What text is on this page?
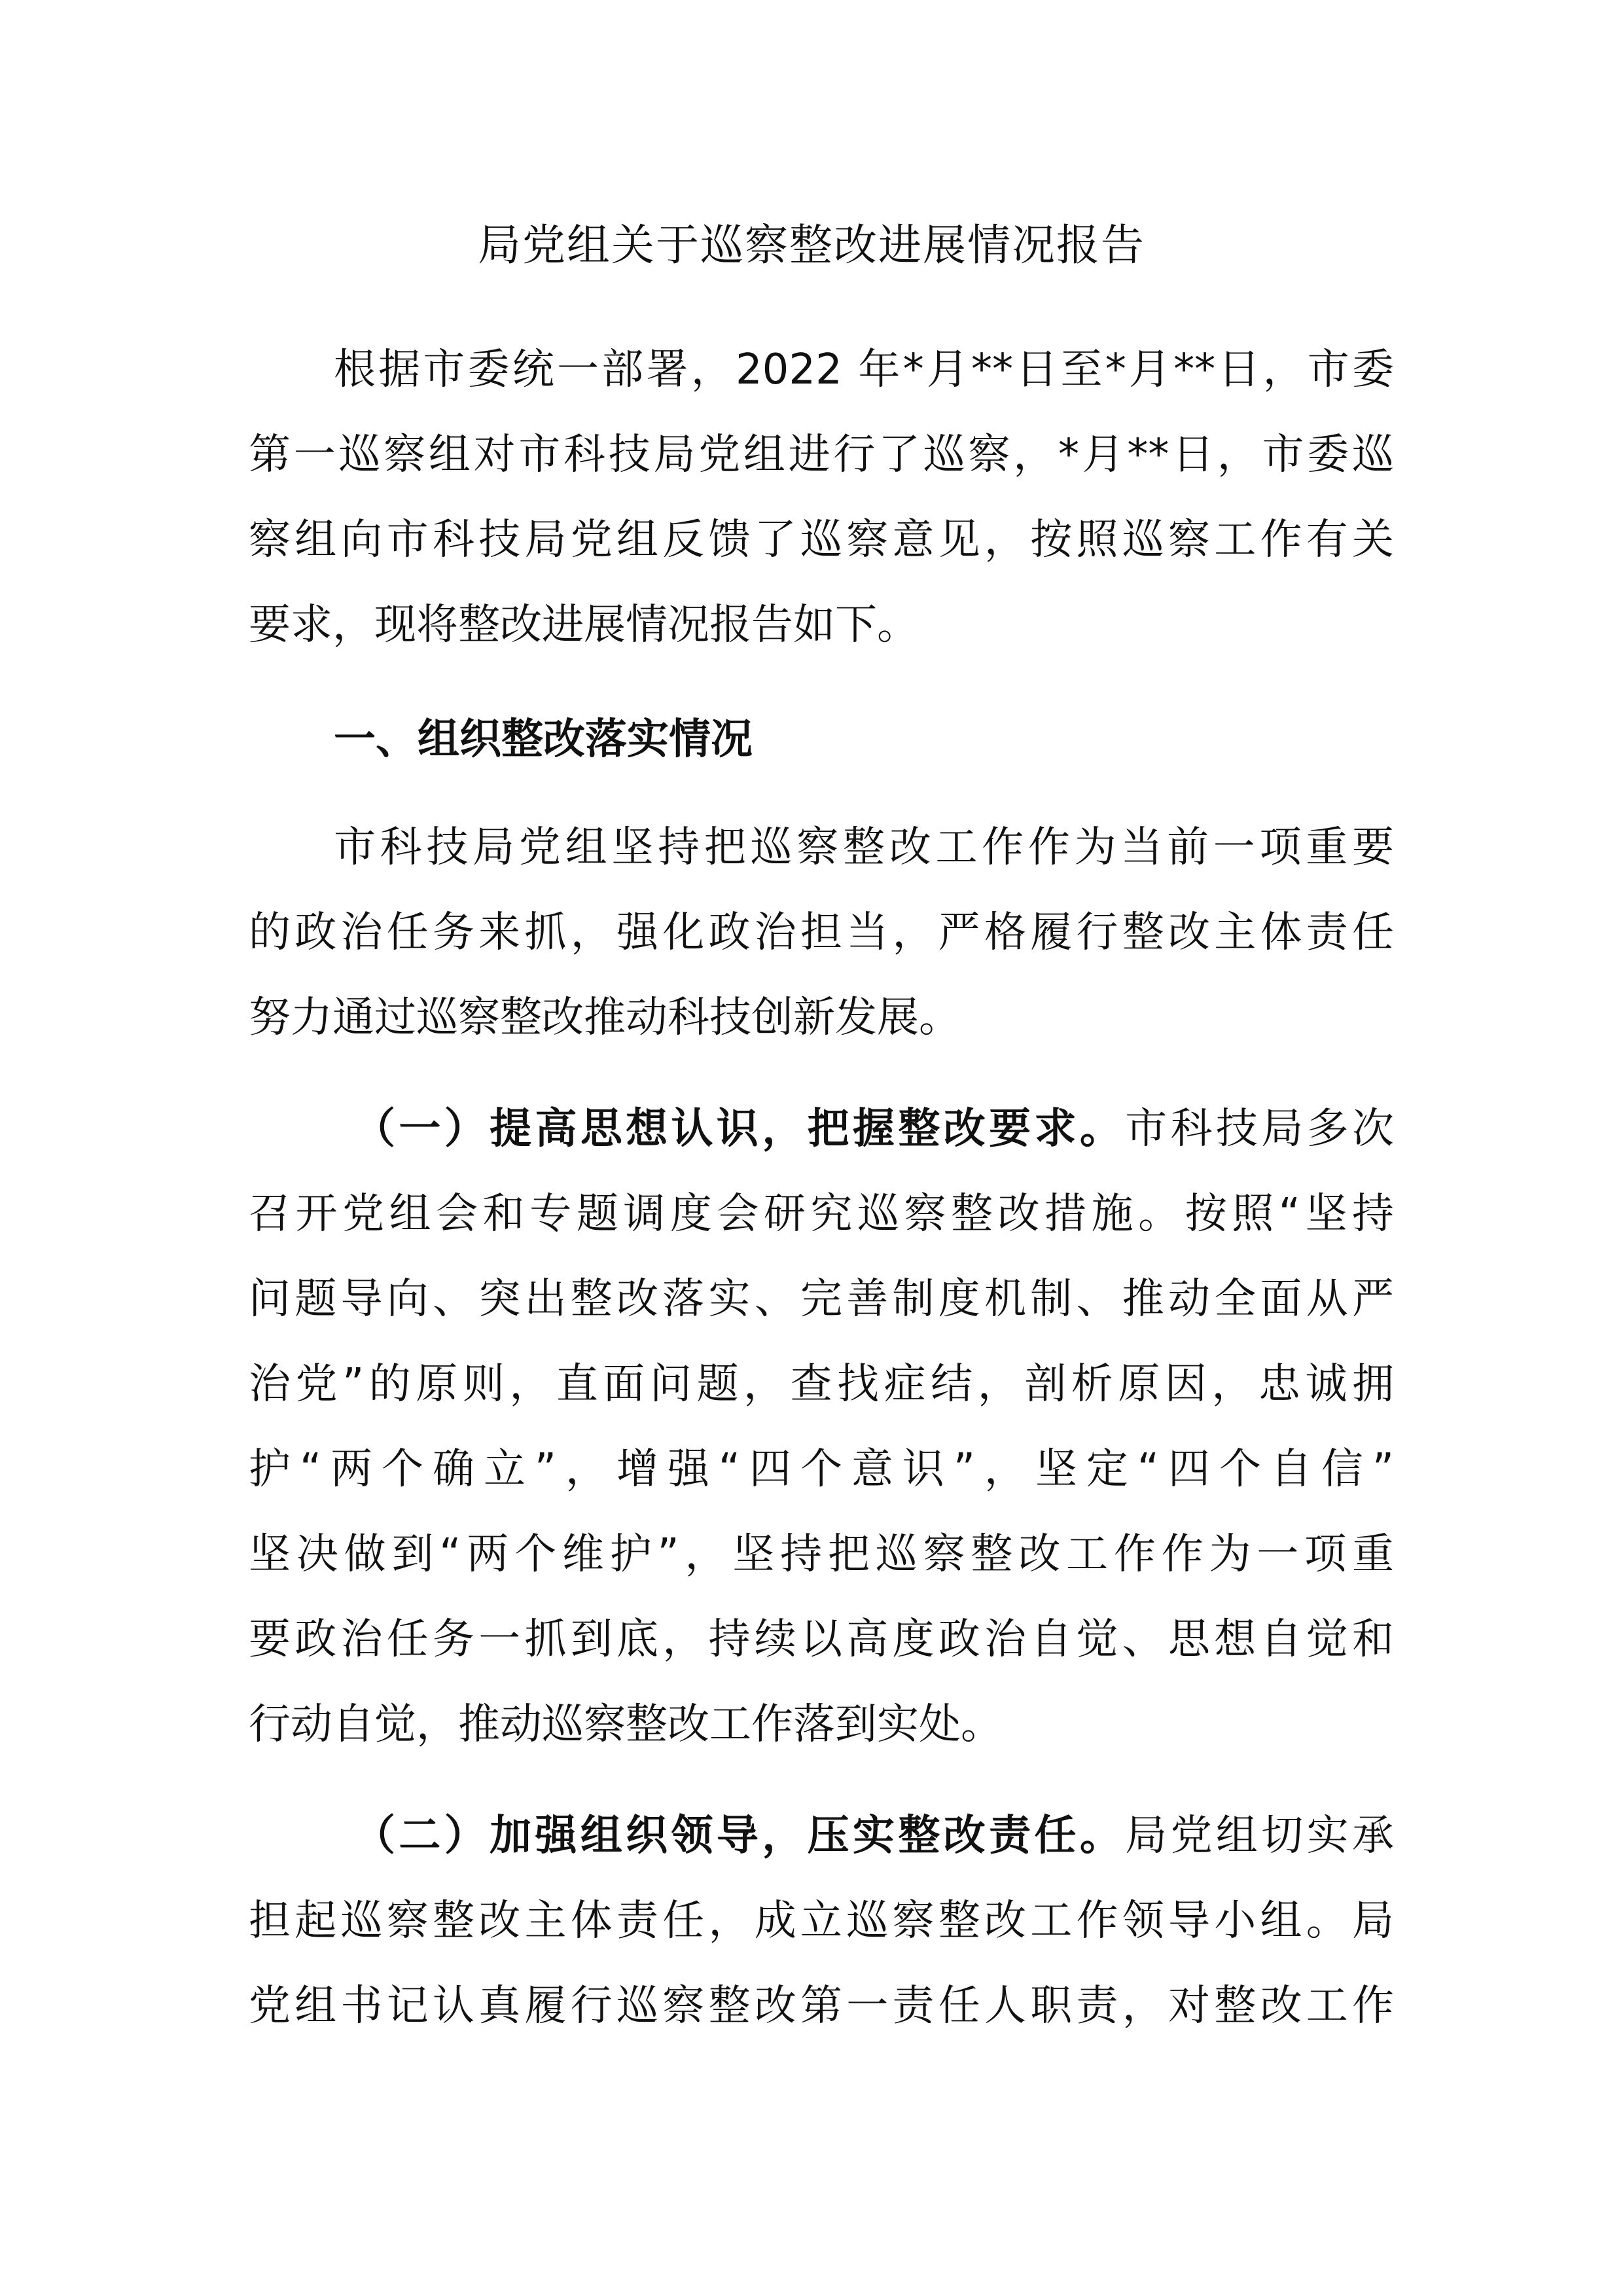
局党组关于巡察整改进展情况报告
根据市委统一部署，2022 年*月**日至*月**日，市委
第一巡察组对市科技局党组进行了巡察，*月**日，市委巡
察组向市科技局党组反馈了巡察意见，按照巡察工作有关
要求，现将整改进展情况报告如下。
一、组织整改落实情况
市科技局党组坚持把巡察整改工作作为当前一项重要
的政治任务来抓，强化政治担当，严格履行整改主体责任
努力通过巡察整改推动科技创新发展。
（一）提高思想认识，把握整改要求。市科技局多次
召开党组会和专题调度会研究巡察整改措施。按照“坚持
问题导向、突出整改落实、完善制度机制、推动全面从严
治党”的原则，直面问题，查找症结，剖析原因，忠诚拥
护“两个确立”，增强“四个意识”，坚定“四个自信”
坚决做到“两个维护”，坚持把巡察整改工作作为一项重
要政治任务一抓到底，持续以高度政治自觉、思想自觉和
行动自觉，推动巡察整改工作落到实处。
（二）加强组织领导，压实整改责任。局党组切实承
担起巡察整改主体责任，成立巡察整改工作领导小组。局
党组书记认真履行巡察整改第一责任人职责，对整改工作
